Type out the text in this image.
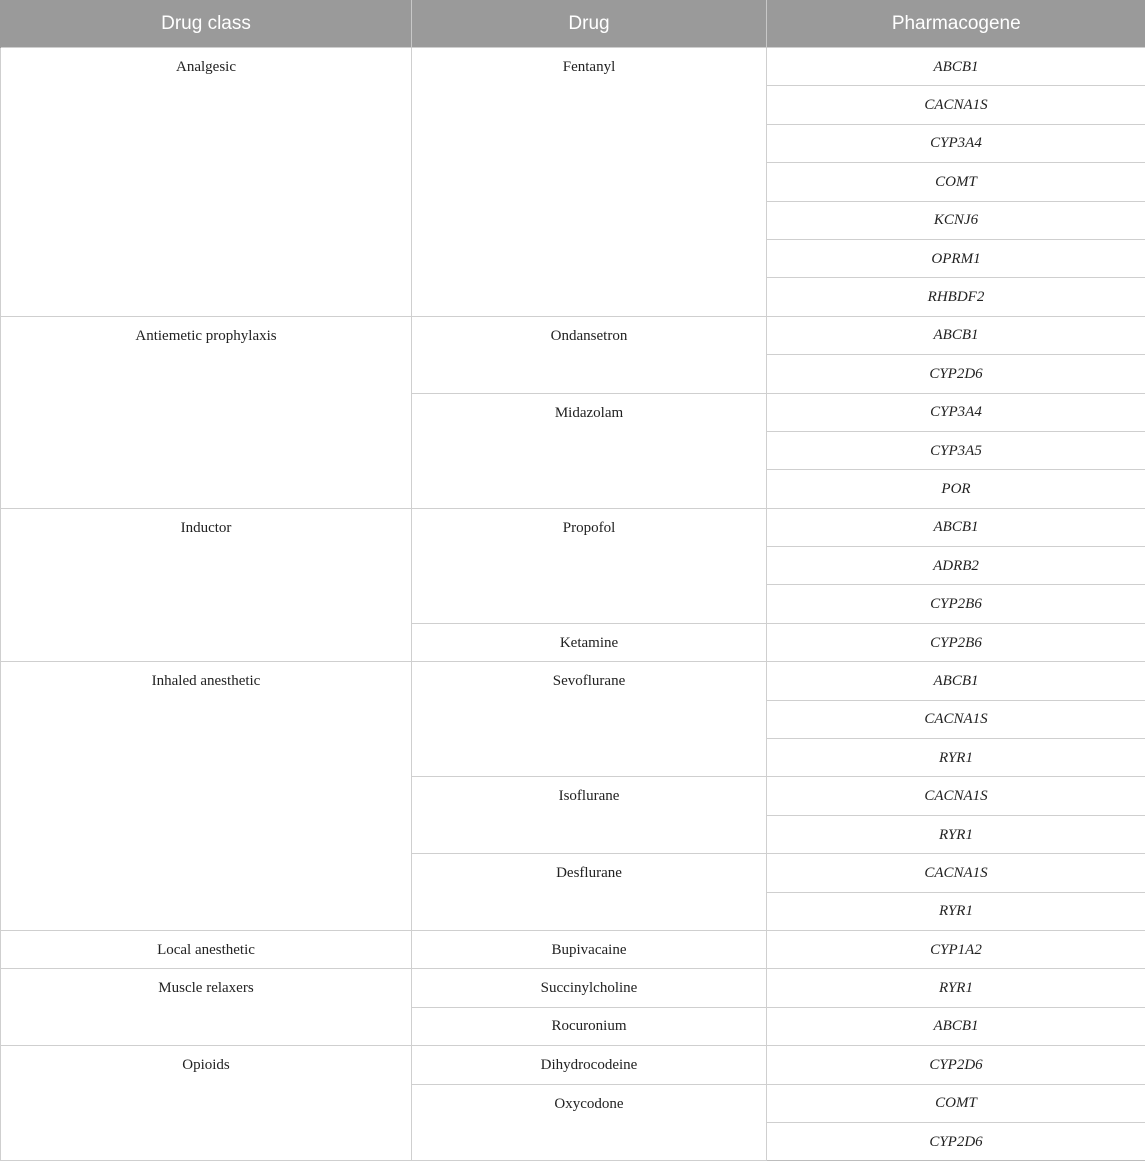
Drug class	Drug	Pharmacogene
Analgesic	Fentanyl	ABCB1
		CACNA1S
		CYP3A4
		COMT
		KCNJ6
		OPRM1
		RHBDF2
Antiemetic prophylaxis	Ondansetron	ABCB1
		CYP2D6
	Midazolam	CYP3A4
		CYP3A5
		POR
Inductor	Propofol	ABCB1
		ADRB2
		CYP2B6
	Ketamine	CYP2B6
Inhaled anesthetic	Sevoflurane	ABCB1
		CACNA1S
		RYR1
	Isoflurane	CACNA1S
		RYR1
	Desflurane	CACNA1S
		RYR1
Local anesthetic	Bupivacaine	CYP1A2
Muscle relaxers	Succinylcholine	RYR1
	Rocuronium	ABCB1
Opioids	Dihydrocodeine	CYP2D6
	Oxycodone	COMT
		CYP2D6
